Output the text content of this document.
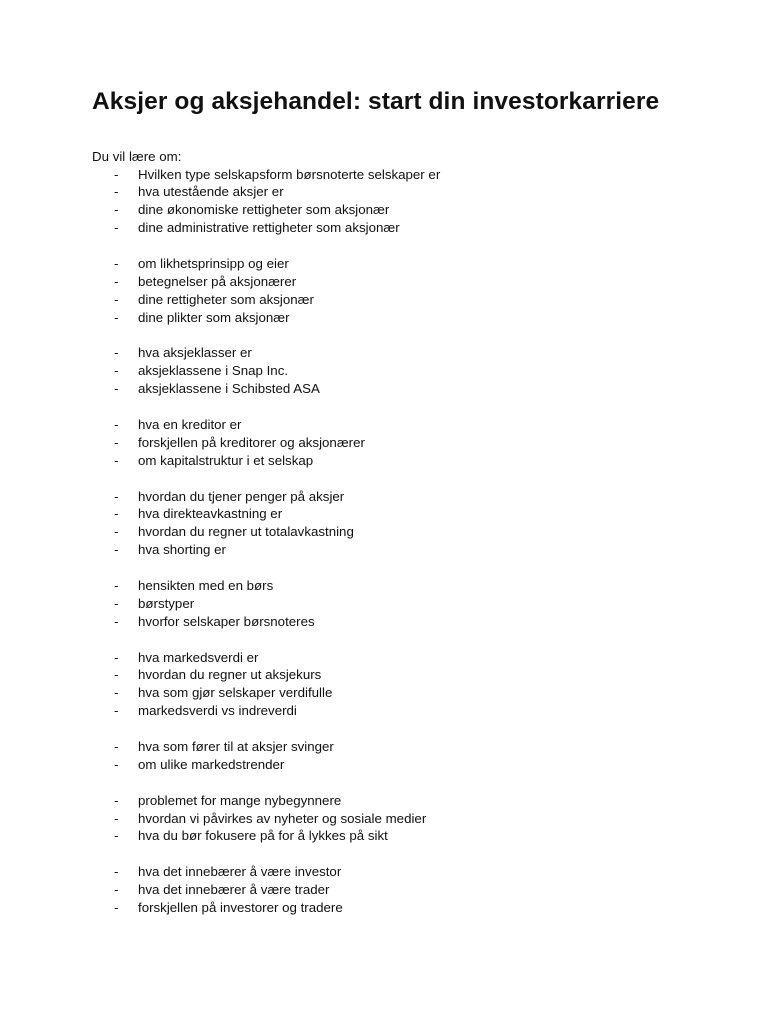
Aksjer og aksjehandel: start din investorkarriere

Du vil lære om:

- Hvilken type selskapsform børsnoterte selskaper er
- hva utestående aksjer er
- dine økonomiske rettigheter som aksjonær
- dine administrative rettigheter som aksjonær
- om likhetsprinsipp og eier
- betegnelser på aksjonærer
- dine rettigheter som aksjonær
- dine plikter som aksjonær
- hva aksjeklasser er
- aksjeklassene i Snap Inc.
- aksjeklassene i Schibsted ASA
- hva en kreditor er
- forskjellen på kreditorer og aksjonærer
- om kapitalstruktur i et selskap
- hvordan du tjener penger på aksjer
- hva direkteavkastning er
- hvordan du regner ut totalavkastning
- hva shorting er
- hensikten med en børs
- børstyper
- hvorfor selskaper børsnoteres
- hva markedsverdi er
- hvordan du regner ut aksjekurs
- hva som gjør selskaper verdifulle
- markedsverdi vs indreverdi
- hva som fører til at aksjer svinger
- om ulike markedstrender
- problemet for mange nybegynnere
- hvordan vi påvirkes av nyheter og sosiale medier
- hva du bør fokusere på for å lykkes på sikt
- hva det innebærer å være investor
- hva det innebærer å være trader
- forskjellen på investorer og tradere
